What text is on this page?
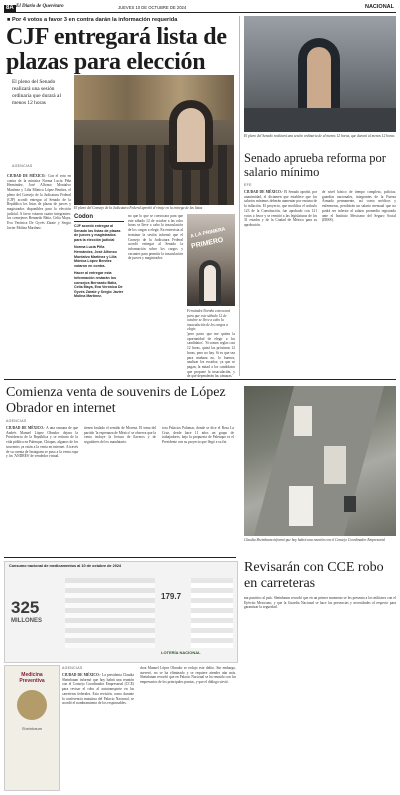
8A El Diario de Querétaro	JUEVES 10 DE OCTUBRE DE 2024	NACIONAL
■ Por 4 votos a favor 3 en contra darán la información requerida
CJF entregará lista de plazas para elección
El pleno del Senado realizará una sesión ordinaria que durará al menos 12 horas
AGENCIAS
CIUDAD DE MÉXICO.- Con el voto en contra de la ministra Norma Lucía Piña Hernández, José Alfonso Montalvo Martínez y Lilia Mónica López Benítez, el pleno del Consejo de la Judicatura Federal (CJF) acordó entregar al Senado de la República los listas de plazas de jueces y magistrados disponibles para la elección judicial. A favor votaron cuatro integrantes: los consejeros Bernardo Bátiz, Celia Maya, Eva Verónica De Gyvés Zárate y Sergio Javier Molina Martínez.
El pleno del Consejo de la Judicatura Federal aprobó el viraje en la entrega de las listas
Codon
CJF acordó entregar al Senado los listas de plazas de jueces y magistrados para la elección judicial
Norma Lucía Piña Hernández, José Alfonso Montalvo Martínez y Lilia Mónica López Benítez votaron en contra.
Hacer al entregar esta información restarán los consejos Bernardo Bátiz, Celia Maya, Eva Verónica De Gyvés Zárate y Sergio Javier Molina Martínez.
no que lo que se convocara para que este sábado 12 de octubre a las ocho horas se lleve a cabo la insaculación de los cargos a elegir. En entrevista al terminar la sesión informó que el Consejo de la Judicatura Federal acordó entregar al Senado la información sobre los cargos y vacantes para permitir la insaculación de jueces y magistrados.
A LA PRIMERA
PRIMERO
Fernández Noroña convocará para que este sábado 12 de octubre se lleve a cabo la insaculación de los cargos a elegir.
'pero pacto que me quiten la oportunidad de elegir a los candidatos'. 'Si somos reglas casi 12 horas, quizá las próximas 12 horas, pero no hay. Si es que sea para mañana no, lo buenos, analizar los escaños; ya que se pagan, la mitad a los candidatos que propone la insaculación, y de qué dependerán las cámaras.'
El pleno del Senado realizará una sesión ordinaria de al menos 12 horas, que durará al menos 12 horas
Senado aprueba reforma por salario mínimo
EFE
CIUDAD DE MÉXICO.- El Senado aprobó, por unanimidad, el dictamen que establece que los salarios mínimos deberán aumentar por encima de la inflación. El proyecto, que modifica el artículo 123 de la Constitución, fue aprobado con 121 votos a favor y se remitió a las legislaturas de los 31 estados y de la Ciudad de México para su aprobación.
de nivel básico de tiempo completo, policías, guardias nacionales, integrantes de la Fuerza Armada permanente, así como médicos y enfermeras, percibirán un salario mensual que no podrá ser inferior al salario promedio registrado ante el Instituto Mexicano del Seguro Social (IMSS).
Comienza venta de souvenirs de López Obrador en internet
AGENCIAS
CIUDAD DE MÉXICO.- A una semana de que Andrés Manuel López Obrador dejara la Presidencia de la República y se retirara de la vida pública en Palenque, Chiapas, algunos de los souvenirs ya están a la venta en internet. A través de su cuenta de Instagram se puso a la venta ropa y los 'ANDRÉS' de vendedor virtual.
tienen brulado el sentido de Morena. El tema del partido 'la esperanza de México' se observa que la venta incluye la lectura de llaveros y de seguidores del ex mandatario.
tora Palacios Palomar, donde se dice el Rosa La Cruz, desde hace 11 años un grupo de trabajadores, bajo la propuesta de Palenque es el Presidente con su proyecto que llegó a su fin.
Claudia Sheinbaum informó que hoy habrá una reunión con el Consejo Coordinador Empresarial
Consumo nacional de medicamentos al 10 de octubre de 2024
325
MILLONES
179.7
LOTERÍA NACIONAL
Medicina
Preventiva
Sheinbaum
Revisarán con CCE robo en carreteras
AGENCIAS
CIUDAD DE MÉXICO.- La presidenta Claudia Sheinbaum informó que hoy habrá una reunión con el Consejo Coordinador Empresarial (CCE) para revisar el robo al autotransporte en las carreteras federales. Esta revisión, como durante la conferencia matutina del Palacio Nacional, se acordó el nombramiento de los responsables.
dora Manuel López Obrador se redujo este delito. Sin embargo, aseveró, no se ha eliminado y se requiere atender aún más. Sheinbaum recordó que en Palacio Nacional se ha reunido con los empresarios de los principales puntos, y que el diálogo sirvió.
ma punitivo al país. Sheinbaum recordó que en un primer momento se les presenta a los militares con el Ejército Mexicano, y que la Guardia Nacional se hace las presencias y necesidades al respecto para garantizar la seguridad.
